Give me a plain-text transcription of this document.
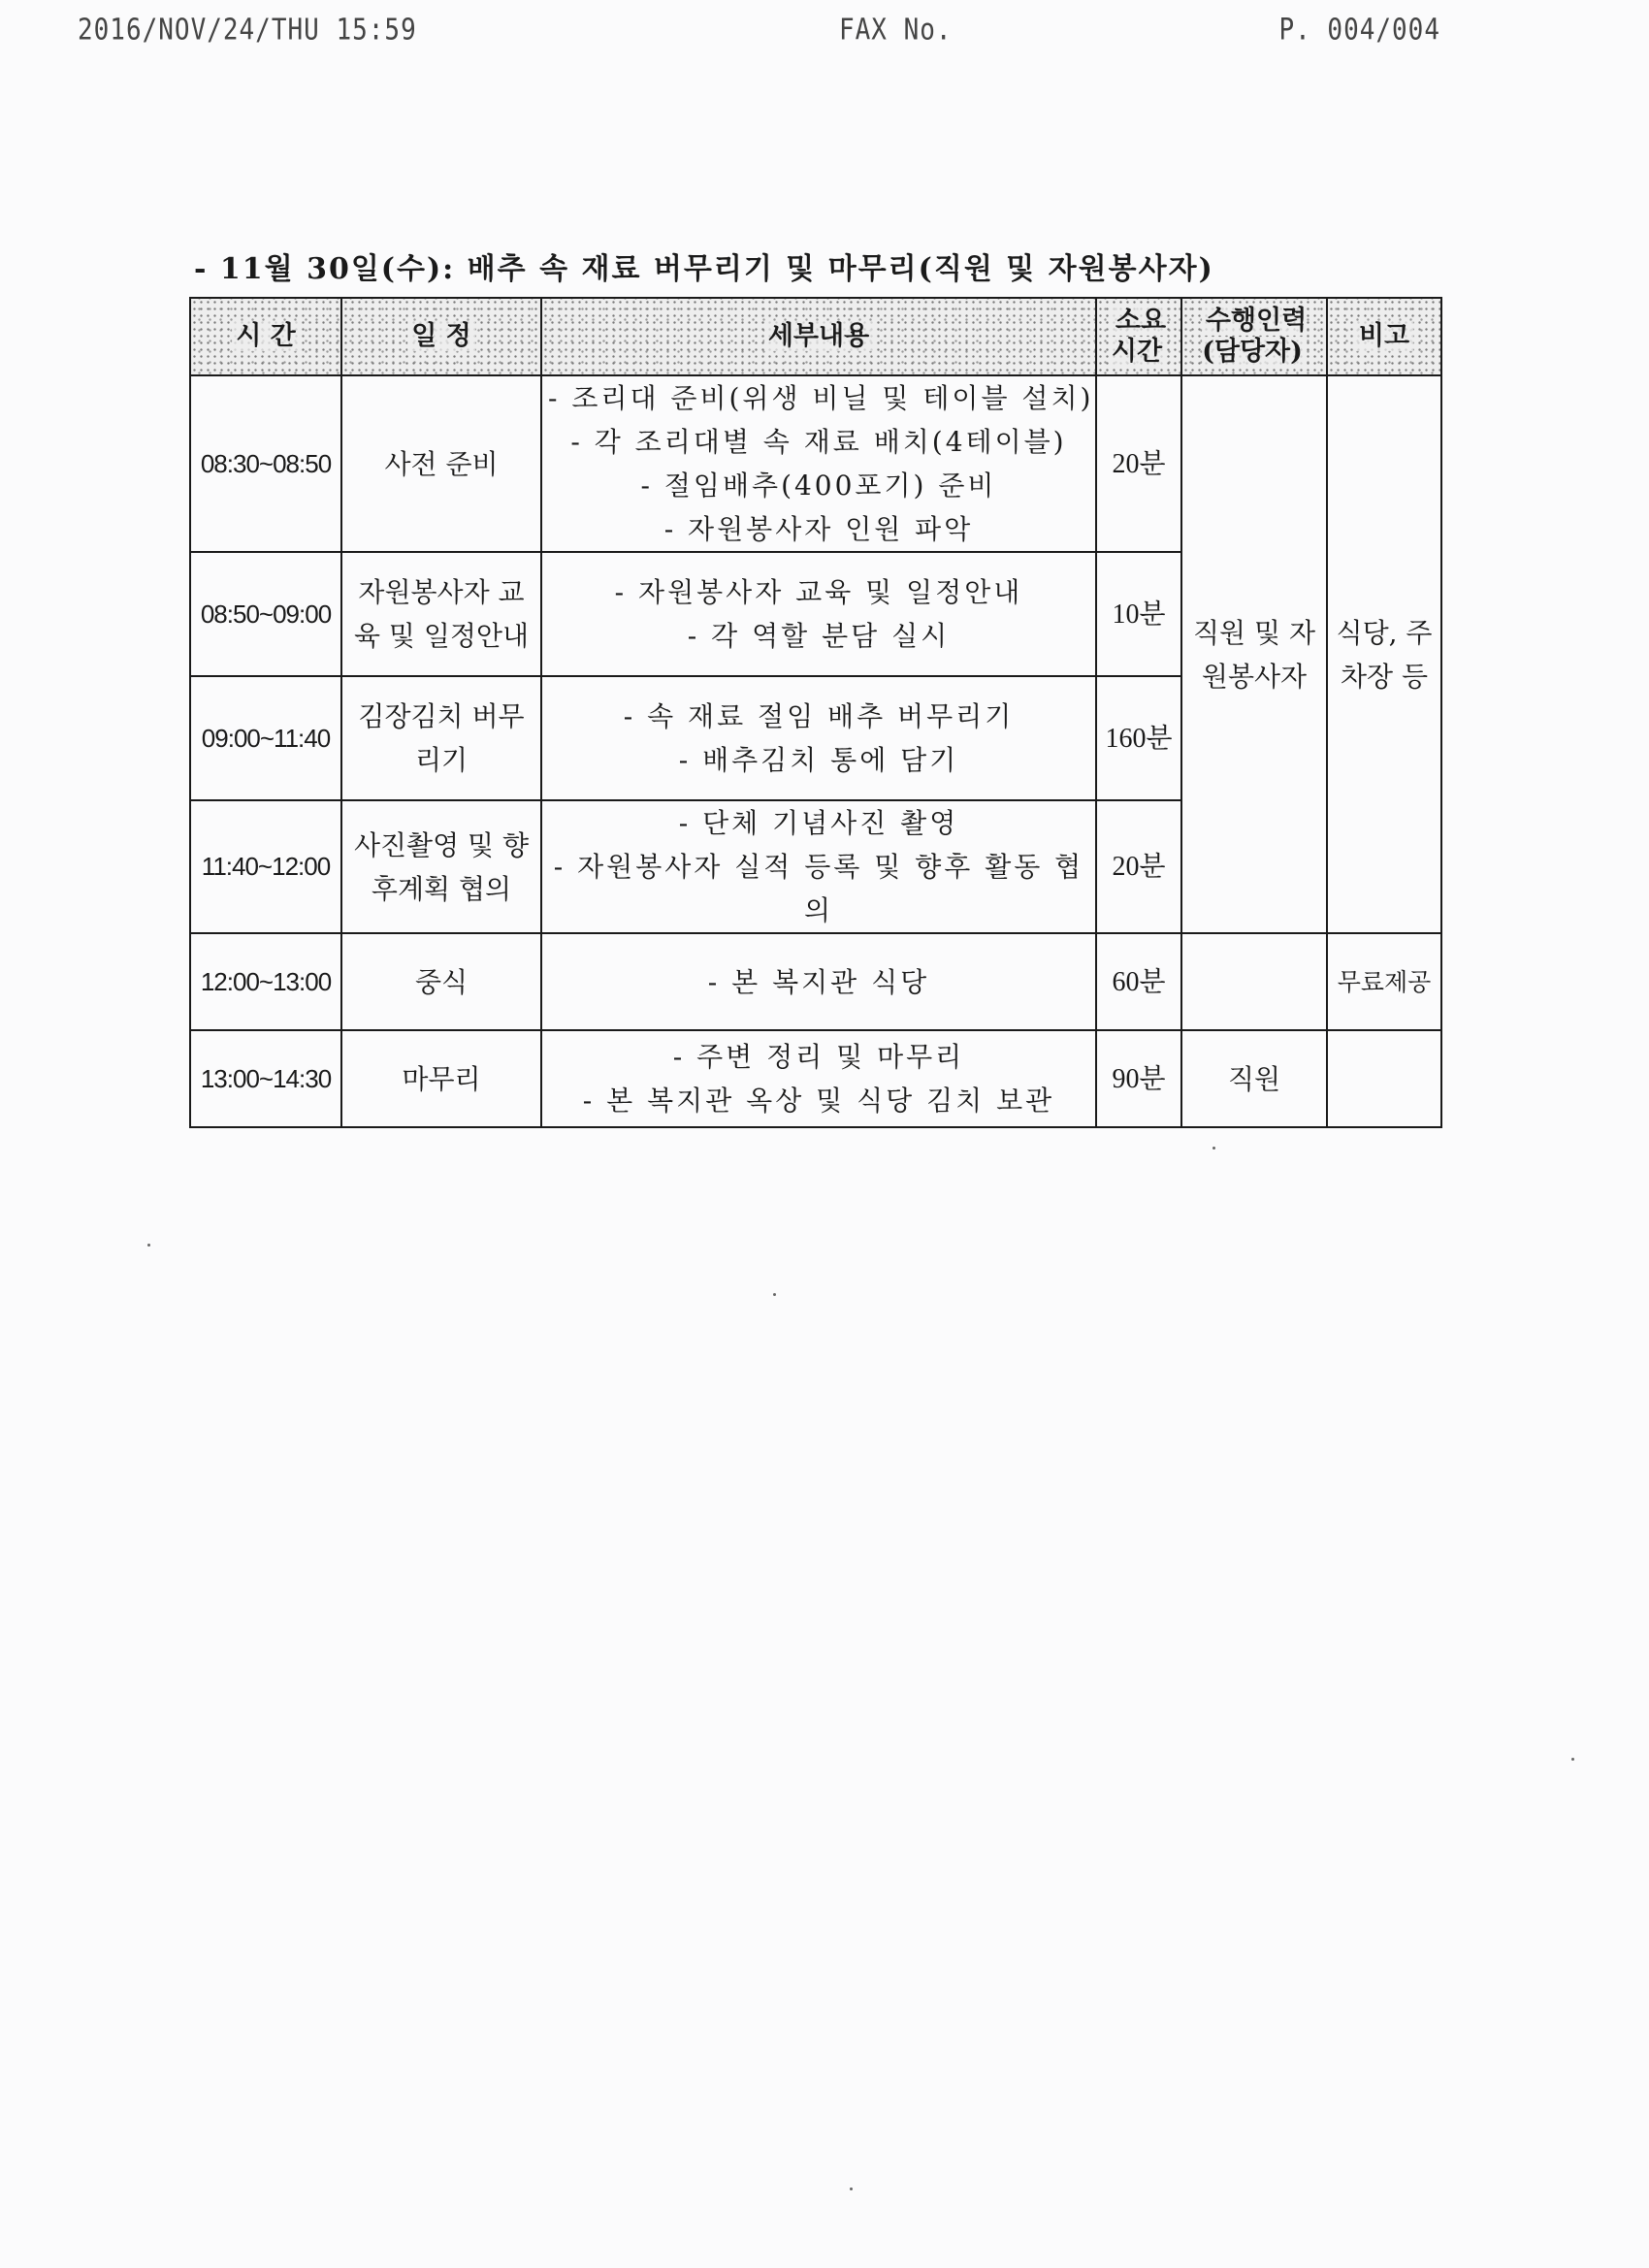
2016/NOV/24/THU 15:59	FAX No.	P. 004/004
- 11월 30일(수): 배추 속 재료 버무리기 및 마무리(직원 및 자원봉사자)
시 간	일 정	세부내용	소요 시간	수행인력 (담당자)	비고
08:30~08:50	사전 준비	- 조리대 준비(위생 비닐 및 테이블 설치)
- 각 조리대별 속 재료 배치(4테이블)
- 절임배추(400포기) 준비
- 자원봉사자 인원 파악	20분	직원 및 자원봉사자	식당, 주차장 등
08:50~09:00	자원봉사자 교육 및 일정안내	- 자원봉사자 교육 및 일정안내
- 각 역할 분담 실시	10분		
09:00~11:40	김장김치 버무리기	- 속 재료 절임 배추 버무리기
- 배추김치 통에 담기	160분		
11:40~12:00	사진촬영 및 향후계획 협의	- 단체 기념사진 촬영
- 자원봉사자 실적 등록 및 향후 활동 협의	20분		
12:00~13:00	중식	- 본 복지관 식당	60분		무료제공
13:00~14:30	마무리	- 주변 정리 및 마무리
- 본 복지관 옥상 및 식당 김치 보관	90분	직원	
